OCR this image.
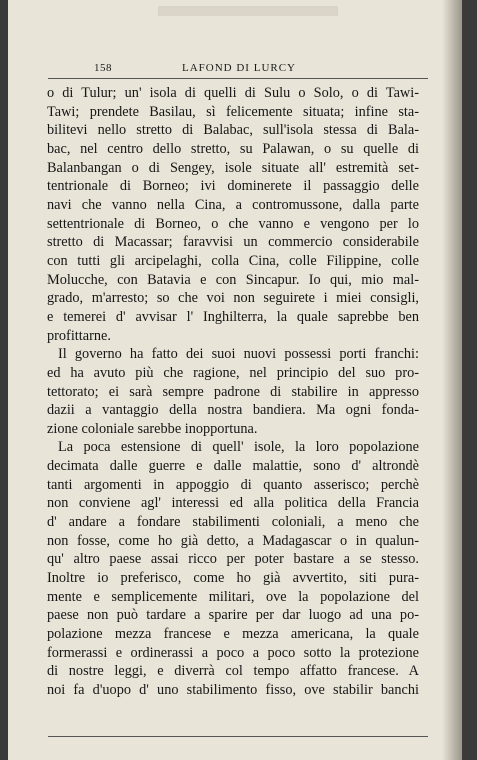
158	LAFOND DI LURCY
o di Tulur; un' isola di quelli di Sulu o Solo, o di Tawi-
Tawi; prendete Basilau, sì felicemente situata; infine sta-
bilitevi nello stretto di Balabac, sull'isola stessa di Bala-
bac, nel centro dello stretto, su Palawan, o su quelle di
Balanbangan o di Sengey, isole situate all' estremità set-
tentrionale di Borneo; ivi dominerete il passaggio delle
navi che vanno nella Cina, a contromussone, dalla parte
settentrionale di Borneo, o che vanno e vengono per lo
stretto di Macassar; faravvisi un commercio considerabile
con tutti gli arcipelaghi, colla Cina, colle Filippine, colle
Molucche, con Batavia e con Sincapur. Io qui, mio mal-
grado, m'arresto; so che voi non seguirete i miei consigli,
e temerei d' avvisar l' Inghilterra, la quale saprebbe ben
profittarne.
Il governo ha fatto dei suoi nuovi possessi porti franchi:
ed ha avuto più che ragione, nel principio del suo pro-
tettorato; ei sarà sempre padrone di stabilire in appresso
dazii a vantaggio della nostra bandiera. Ma ogni fonda-
zione coloniale sarebbe inopportuna.
La poca estensione di quell' isole, la loro popolazione
decimata dalle guerre e dalle malattie, sono d' altrondè
tanti argomenti in appoggio di quanto asserisco; perchè
non conviene agl' interessi ed alla politica della Francia
d' andare a fondare stabilimenti coloniali, a meno che
non fosse, come ho già detto, a Madagascar o in qualun-
qu' altro paese assai ricco per poter bastare a se stesso.
Inoltre io preferisco, come ho già avvertito, siti pura-
mente e semplicemente militari, ove la popolazione del
paese non può tardare a sparire per dar luogo ad una po-
polazione mezza francese e mezza americana, la quale
formerassi e ordinerassi a poco a poco sotto la protezione
di nostre leggi, e diverrà col tempo affatto francese. A
noi fa d'uopo d' uno stabilimento fisso, ove stabilir banchi
